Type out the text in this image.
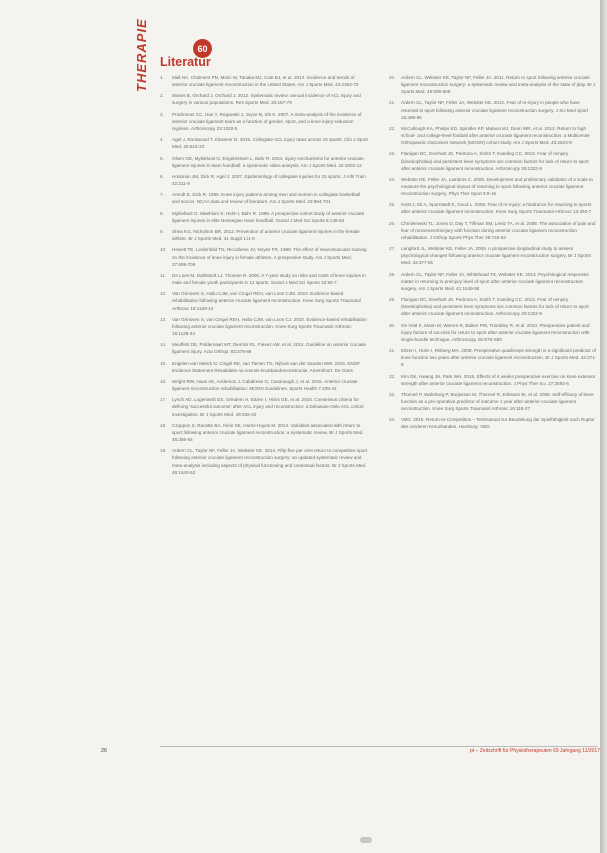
THERAPIE	60
Literatur
1.	Mall NA, Chalmers PN, Moric M, Tanaka MJ, Cole BJ, et al. 2014. Incidence and trends of anterior cruciate ligament reconstruction in the United States. Am J Sports Med. 42:2363-70
2.	Moses B, Orchard J, Orchard J. 2012. Systematic review: annual incidence of ACL injury and surgery in various populations. Res Sports Med. 20:157-79
3.	Prodromos CC, Han Y, Rogowski J, Joyce B, Shi K. 2007. A meta-analysis of the incidence of anterior cruciate ligament tears as a function of gender, sport, and a knee injury-reduction regimen. Arthroscopy 23:1320-5
4.	Agel J, Rockwood T, Klossner D. 2016. Collegiate ACL injury rates across 15 sports. Clin J Sport Med. 26:518-23
5.	Olsen OE, Myklebust G, Engebretsen L, Bahr R. 2004. Injury mechanisms for anterior cruciate ligament injuries in team handball: a systematic video analysis. Am J Sports Med. 32:1002-12
6.	Hootman JM, Dick R, Agel J. 2007. Epidemiology of collegiate injuries for 15 sports. J Athl Train 42:311-9
7.	Arendt E, Dick R. 1995. Knee injury patterns among men and women in collegiate basketball and soccer. NCAA data and review of literature. Am J Sports Med. 23:694-701
8.	Myklebust G, Maehlum S, Holm I, Bahr R. 1998. A prospective cohort study of anterior cruciate ligament injuries in elite Norwegian team handball. Scand J Med Sci Sports 8:149-53
9.	Shea KG, Nicholson BR. 2012. Prevention of anterior cruciate ligament injuries in the female athlete. Br J Sports Med. 41 Suppl 1:i1-9
10.	Hewett TE, Lindenfeld TN, Riccobene JV, Noyes FR. 1999. The effect of neuromuscular training on the incidence of knee injury in female athletes. A prospective study. Am J Sports Med. 27:699-706
11.	De Loes M, Dahlstedt LJ, Thomee R. 2000. A 7-year study on risks and costs of knee injuries in male and female youth participants in 12 sports. Scand J Med Sci Sports 10:90-7
12.	Van Grinsven S, Hullu CJM, van Cingel REH, van Loon CJM. 2010. Evidence-based rehabilitation following anterior cruciate ligament reconstruction. Knee Surg Sports Traumatol Arthrosc 18:1128-44
13.	Van Grinsven S, van Cingel REH, Holla CJM, van Loon CJ. 2010. Evidence-based rehabilitation following anterior cruciate ligament reconstruction. Knee Surg Sports Traumatol Arthrosc 18:1128-44
14.	Meuffels DE, Poldervaart MT, Diercks RL, Fievez AW, et al. 2012. Guideline on anterior cruciate ligament injury. Acta Orthop. 83:379-86
15.	Engelen-van Melick N, Cingel RE, van Tienen TG, Nijhuis-van der Sanden MW. 2016. KNGF Evidence Statement Revalidatie na voorste kruisbandreconstructie. Amersfoort: De Gans
16.	Wright RW, Haas AK, Anderson J, Calabrese G, Cavanaugh J, et al. 2015. Anterior cruciate ligament reconstruction rehabilitation: MOON Guidelines. Sports Health 7:239-43
17.	Lynch AD, Logerstedt DS, Grindem H, Eitzen I, Hicks GE, et al. 2015. Consensus criteria for defining 'successful outcome' after ACL injury and reconstruction: a Delaware-Oslo ACL cohort investigation. Br J Sports Med. 49:335-42
18.	Czuppon S, Racette BA, Klein SE, Harris-Hayes M. 2014. Variables associated with return to sport following anterior cruciate ligament reconstruction: a systematic review. Br J Sports Med. 48:356-64
19.	Ardern CL, Taylor NF, Feller JA, Webster KE. 2014. Fifty-five per cent return to competitive sport following anterior cruciate ligament reconstruction surgery: an updated systematic review and meta-analysis including aspects of physical functioning and contextual factors. Br J Sports Med. 48:1543-52
20.	Ardern CL, Webster KE, Taylor NF, Feller JA. 2011. Return to sport following anterior cruciate ligament reconstruction surgery: a systematic review and meta-analysis of the state of play. Br J Sports Med. 45:596-606
21.	Ardern CL, Taylor NF, Feller JA, Webster KE. 2012. Fear of re-injury in people who have returned to sport following anterior cruciate ligament reconstruction surgery. J Sci Med Sport 15:488-95
22.	McCullough KA, Phelps KD, Spindler KP, Matava MJ, Dunn WR, et al. 2012. Return to high school- and college-level football after anterior cruciate ligament reconstruction: a Multicenter Orthopaedic Outcomes Network (MOON) cohort study. Am J Sports Med. 40:2523-9
23.	Flanigan DC, Everhart JS, Pedroza A, Smith T, Kaeding CC. 2013. Fear of reinjury (kinesiophobia) and persistent knee symptoms are common factors for lack of return to sport after anterior cruciate ligament reconstruction. Arthroscopy 29:1322-9
24.	Webster KE, Feller JA, Lambros C. 2008. Development and preliminary validation of a scale to measure the psychological impact of returning to sport following anterior cruciate ligament reconstruction surgery. Phys Ther Sport 9:9-15
25.	Kvist J, Ek A, Sporrstedt K, Good L. 2005. Fear of re-injury: a hindrance for returning to sports after anterior cruciate ligament reconstruction. Knee Surg Sports Traumatol Arthrosc 13:393-7
26.	Chmielewski TL, Jones D, Day T, Tillman SM, Lentz TA, et al. 2008. The association of pain and fear of movement/reinjury with function during anterior cruciate ligament reconstruction rehabilitation. J Orthop Sports Phys Ther 38:746-53
27.	Langford JL, Webster KE, Feller JA. 2009. A prospective longitudinal study to assess psychological changes following anterior cruciate ligament reconstruction surgery. Br J Sports Med. 43:377-81
28.	Ardern CL, Taylor NF, Feller JA, Whitehead TS, Webster KE. 2013. Psychological responses matter in returning to preinjury level of sport after anterior cruciate ligament reconstruction surgery. Am J Sports Med. 41:1549-58
29.	Flanigan DC, Everhart JS, Pedroza A, Smith T, Kaeding CC. 2013. Fear of reinjury (kinesiophobia) and persistent knee symptoms are common factors for lack of return to sport after anterior cruciate ligament reconstruction. Arthroscopy 29:1322-9
30.	Ge Veld K, Mann M, Warren R, Balten PW, Trombley R, et al. 2010. Preoperative patient and injury factors of success for return to sport after anterior cruciate ligament reconstruction with single-bundle technique. Arthroscopy 26:S79-S80
31.	Eitzen I, Holm I, Risberg MA. 2009. Preoperative quadriceps strength is a significant predictor of knee function two years after anterior cruciate ligament reconstruction. Br J Sports Med. 43:371-6
32.	Kim DK, Hwang JH, Park WH. 2015. Effects of 4 weeks preoperative exercise on knee extensor strength after anterior cruciate ligament reconstruction. J Phys Ther Sci. 27:2693-6
33.	Thomeé P, Wahrborg P, Borjesson M, Thomeé R, Eriksson BI, et al. 2008. Self-efficacy of knee function as a pre-operative predictor of outcome 1 year after anterior cruciate ligament reconstruction. Knee Surg Sports Traumatol Arthrosc 16:118-27
34.	VBG. 2015. Return-to-Competition – Testmanual zur Beurteilung der Spielfähigkeit nach Ruptur des vorderen Kreuzbandes. Hamburg: VBG
26	pt – Zeitschrift für Physiotherapeuten 69 Jahrgang 11/2017
